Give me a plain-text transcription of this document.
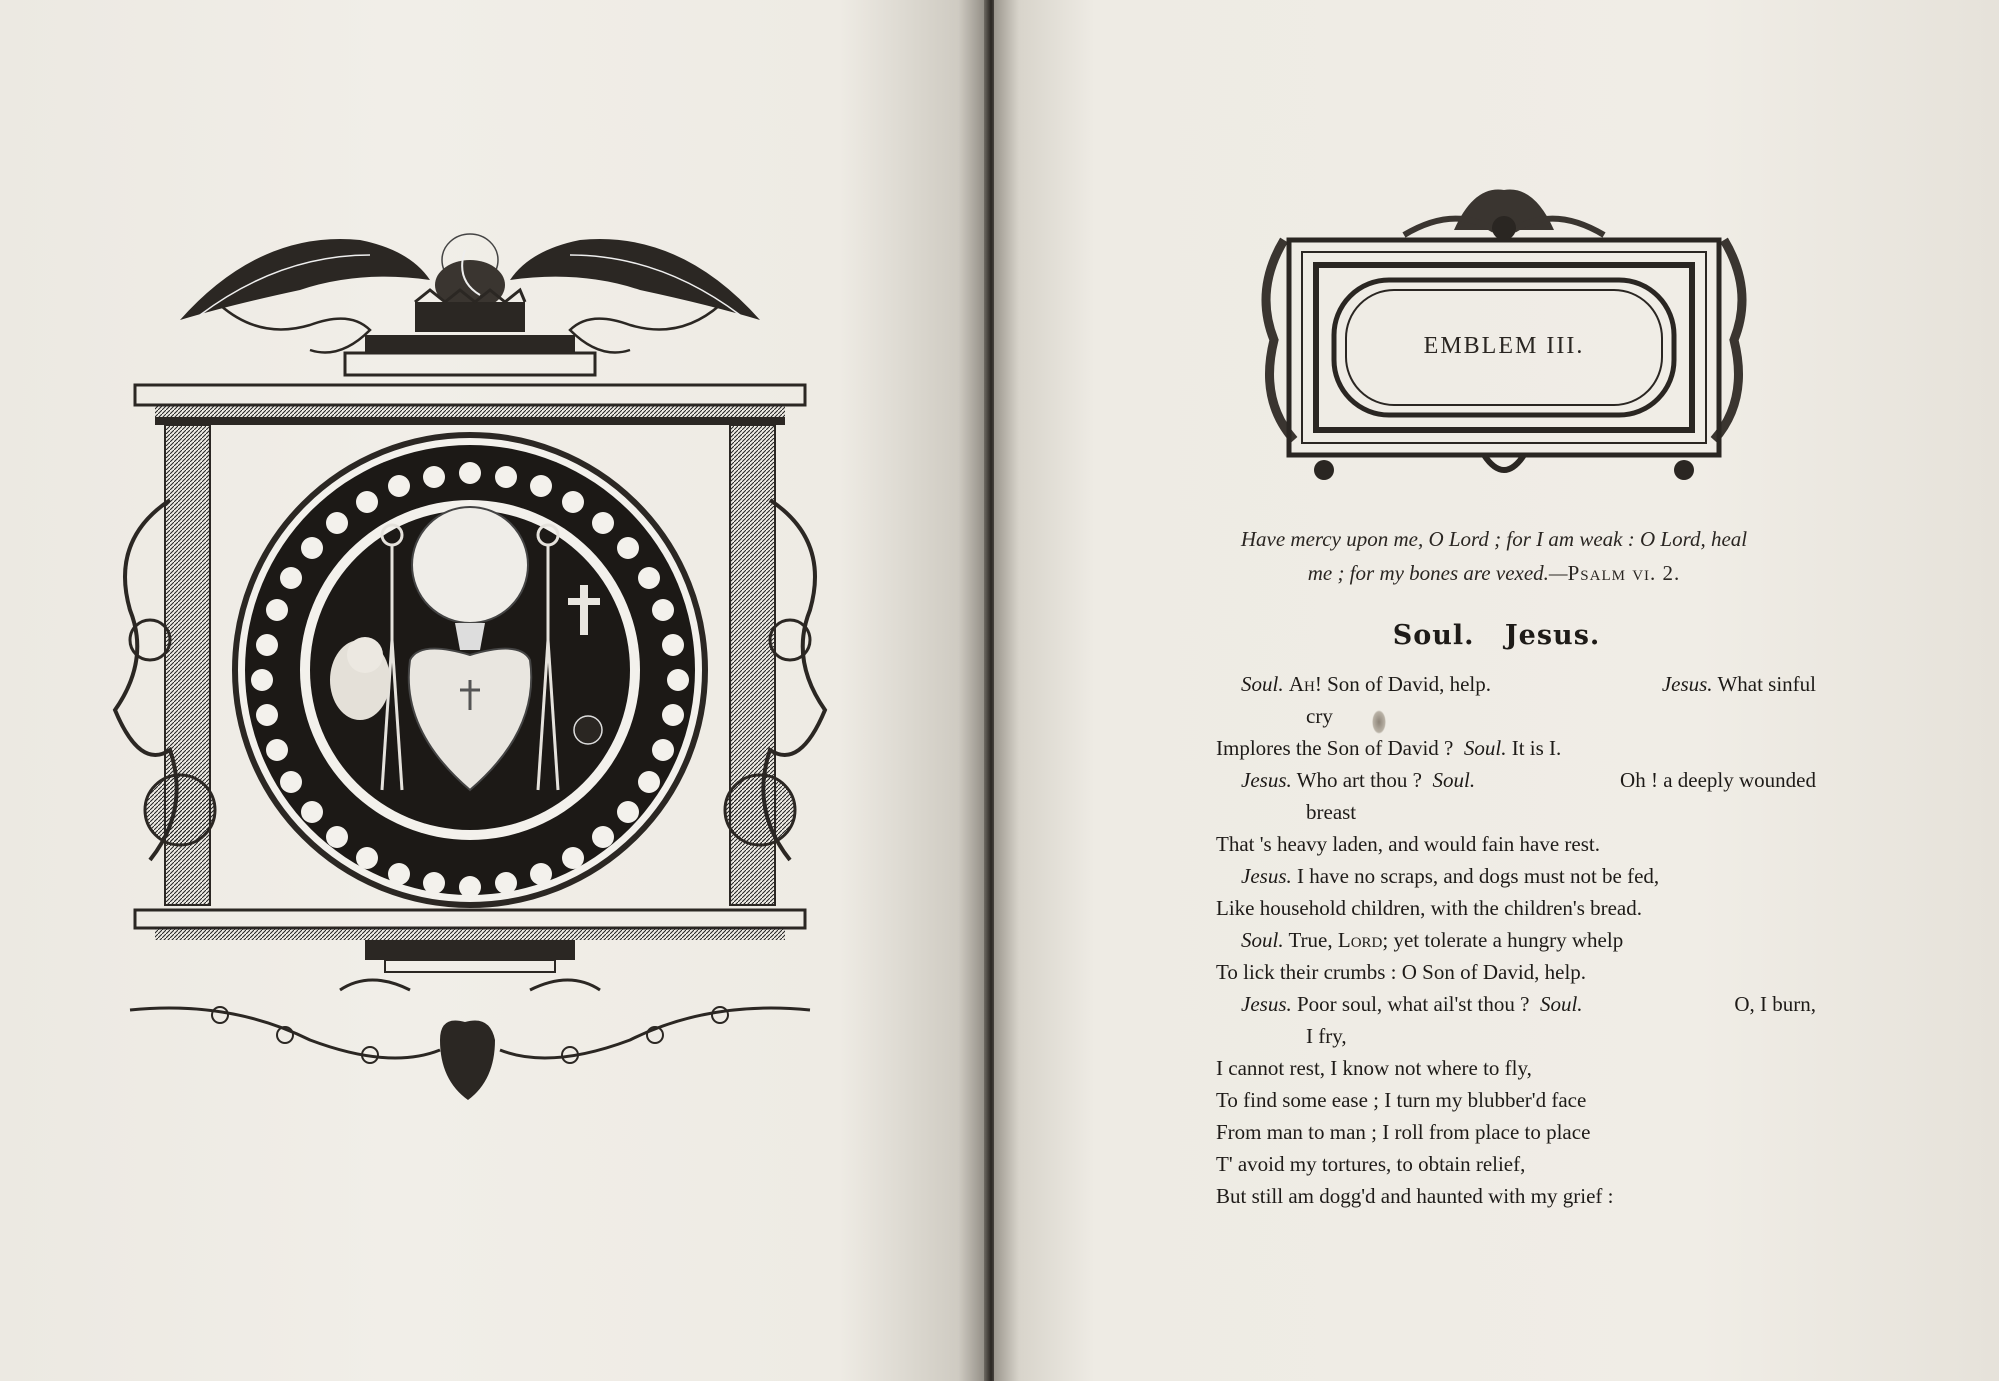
EMBLEM III.
Have mercy upon me, O Lord ; for I am weak : O Lord, heal
me ; for my bones are vexed.—Psalm vi. 2.
Soul. Jesus.
Soul. Ah! Son of David, help.	Jesus. What sinful
cry
Implores the Son of David ? Soul. It is I.
Jesus. Who art thou ? Soul.	Oh ! a deeply wounded
breast
That 's heavy laden, and would fain have rest.
Jesus. I have no scraps, and dogs must not be fed,
Like household children, with the children's bread.
Soul. True, Lord; yet tolerate a hungry whelp
To lick their crumbs : O Son of David, help.
Jesus. Poor soul, what ail'st thou ? Soul.	O, I burn,
I fry,
I cannot rest, I know not where to fly,
To find some ease ; I turn my blubber'd face
From man to man ; I roll from place to place
T' avoid my tortures, to obtain relief,
But still am dogg'd and haunted with my grief :
